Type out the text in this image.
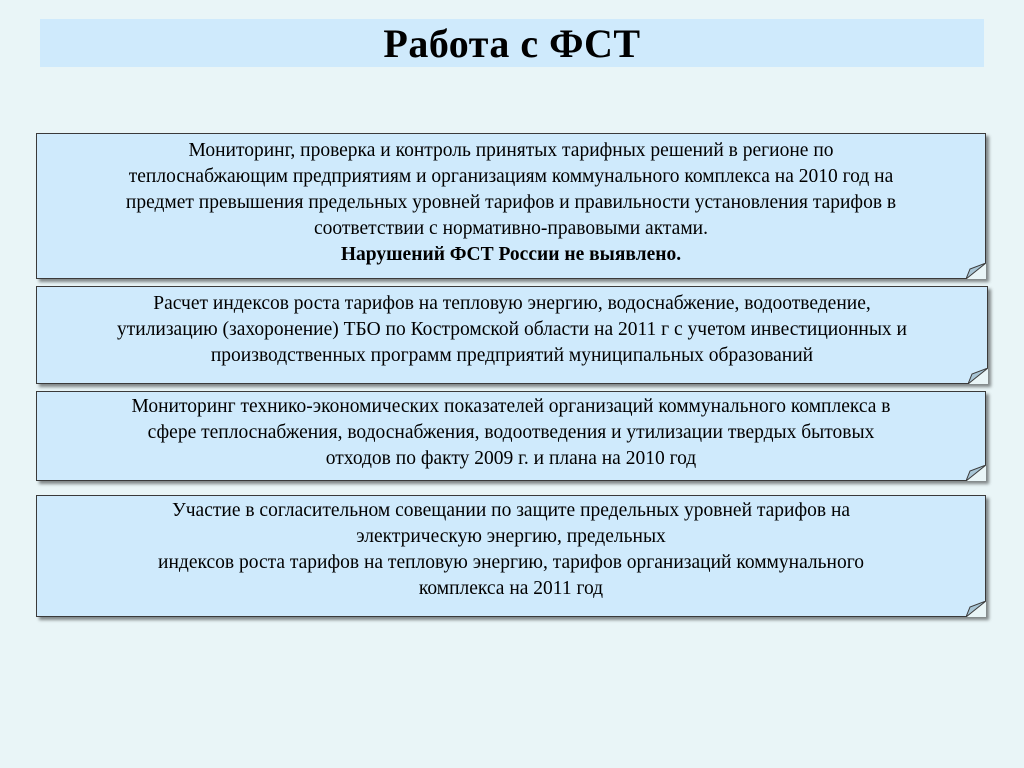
Работа с ФСТ

Мониторинг, проверка и контроль принятых тарифных решений в регионе по

теплоснабжающим предприятиям и организациям коммунального комплекса на 2010 год на

предмет превышения предельных уровней тарифов и правильности установления тарифов в

соответствии с нормативно-правовыми актами.

Нарушений ФСТ России не выявлено.

Расчет индексов роста тарифов на тепловую энергию, водоснабжение, водоотведение,

утилизацию (захоронение) ТБО по Костромской области на 2011 г с учетом инвестиционных и

производственных программ предприятий муниципальных образований

Мониторинг технико-экономических показателей организаций коммунального комплекса в

сфере теплоснабжения, водоснабжения, водоотведения и утилизации твердых бытовых

отходов по факту 2009 г. и плана на 2010 год

Участие в согласительном совещании по защите предельных уровней тарифов на

электрическую энергию, предельных

индексов роста тарифов на тепловую энергию, тарифов организаций коммунального

комплекса на 2011 год
